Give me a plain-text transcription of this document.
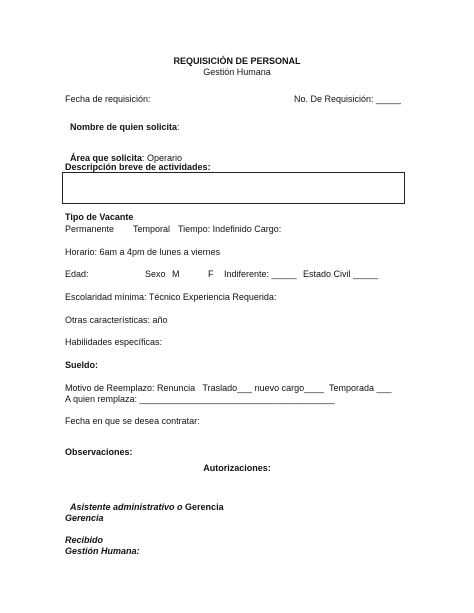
REQUISICIÓN DE PERSONAL
Gestión Humana
Fecha de requisición:	No. De Requisición: _____

Nombre de quien solicita:

Área que solicita: Operario

Descripción breve de actividades:
Tipo de Vacante
Permanente Temporal Tiempo: Indefinido Cargo:
Horario: 6am a 4pm de lunes a viernes
Edad:	Sexo M	F Indiferente: _____ Estado Civil _____
Escolaridad mínima: Técnico Experiencia Requerida:
Otras características: año
Habilidades específicas:
Sueldo:
Motivo de Reemplazo: Renuncia   Traslado___ nuevo cargo____  Temporada ___
A quien remplaza: _______________________________________
Fecha en que se desea contratar:
Observaciones:
Autorizaciones:

Asistente administrativo o Gerencia

Gerencia
Recibido
Gestión Humana:
